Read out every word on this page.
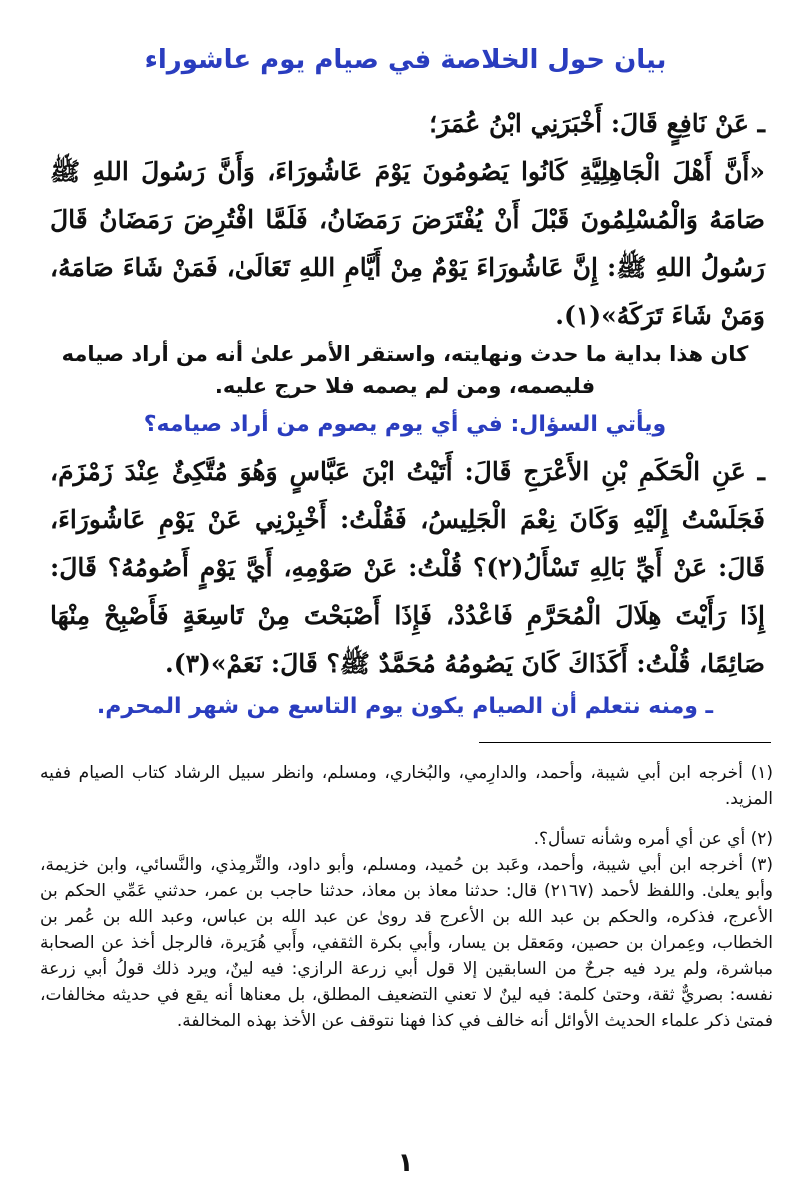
بيان حول الخلاصة في صيام يوم عاشوراء
ـ عَنْ نَافِعٍ قَالَ: أَخْبَرَنِي ابْنُ عُمَرَ؛
«أَنَّ أَهْلَ الْجَاهِلِيَّةِ كَانُوا يَصُومُونَ يَوْمَ عَاشُورَاءَ، وَأَنَّ رَسُولَ اللهِ ﷺ صَامَهُ وَالْمُسْلِمُونَ قَبْلَ أَنْ يُفْتَرَضَ رَمَضَانُ، فَلَمَّا افْتُرِضَ رَمَضَانُ قَالَ رَسُولُ اللهِ ﷺ: إِنَّ عَاشُورَاءَ يَوْمٌ مِنْ أَيَّامِ اللهِ تَعَالَىٰ، فَمَنْ شَاءَ صَامَهُ، وَمَنْ شَاءَ تَرَكَهُ»(١).
كان هذا بداية ما حدث ونهايته، واستقر الأمر علىٰ أنه من أراد صيامه فليصمه، ومن لم يصمه فلا حرج عليه.
ويأتي السؤال: في أي يوم يصوم من أراد صيامه؟
ـ عَنِ الْحَكَمِ بْنِ الأَعْرَجِ قَالَ: أَتَيْتُ ابْنَ عَبَّاسٍ وَهُوَ مُتَّكِئٌ عِنْدَ زَمْزَمَ، فَجَلَسْتُ إِلَيْهِ وَكَانَ نِعْمَ الْجَلِيسُ، فَقُلْتُ: أَخْبِرْنِي عَنْ يَوْمِ عَاشُورَاءَ، قَالَ: عَنْ أَيِّ بَالِهِ تَسْأَلُ(٢)؟ قُلْتُ: عَنْ صَوْمِهِ، أَيَّ يَوْمٍ أَصُومُهُ؟ قَالَ: إِذَا رَأَيْتَ هِلَالَ الْمُحَرَّمِ فَاعْدُدْ، فَإِذَا أَصْبَحْتَ مِنْ تَاسِعَةٍ فَأَصْبِحْ مِنْهَا صَائِمًا، قُلْتُ: أَكَذَاكَ كَانَ يَصُومُهُ مُحَمَّدٌ ﷺ؟ قَالَ: نَعَمْ»(٣).
ـ ومنه نتعلم أن الصيام يكون يوم التاسع من شهر المحرم.
(١) أخرجه ابن أبي شيبة، وأحمد، والدارِمي، والبُخاري، ومسلم، وانظر سبيل الرشاد كتاب الصيام ففيه المزيد.
(٢) أي عن أي أمره وشأنه تسأل؟.
(٣) أخرجه ابن أبي شيبة، وأحمد، وعَبد بن حُميد، ومسلم، وأبو داود، والتِّرمِذي، والنَّسائي، وابن خزيمة، وأبو يعلىٰ. واللفظ لأحمد (٢١٦٧) قال: حدثنا معاذ بن معاذ، حدثنا حاجب بن عمر، حدثني عَمِّي الحكم بن الأعرج، فذكره، والحكم بن عبد الله بن الأعرج قد روىٰ عن عبد الله بن عباس، وعبد الله بن عُمر بن الخطاب، وعِمران بن حصين، ومَعقل بن يسار، وأبي بكرة الثقفي، وأَبي هُرَيرة، فالرجل أخذ عن الصحابة مباشرة، ولم يرد فيه جرحٌ من السابقين إلا قول أبي زرعة الرازي: فيه لينٌ، ويرد ذلك قولُ أبي زرعة نفسه: بصريٌّ ثقة، وحتىٰ كلمة: فيه لينٌ لا تعني التضعيف المطلق، بل معناها أنه يقع في حديثه مخالفات، فمتىٰ ذكر علماء الحديث الأوائل أنه خالف في كذا فهنا نتوقف عن الأخذ بهذه المخالفة.
١
